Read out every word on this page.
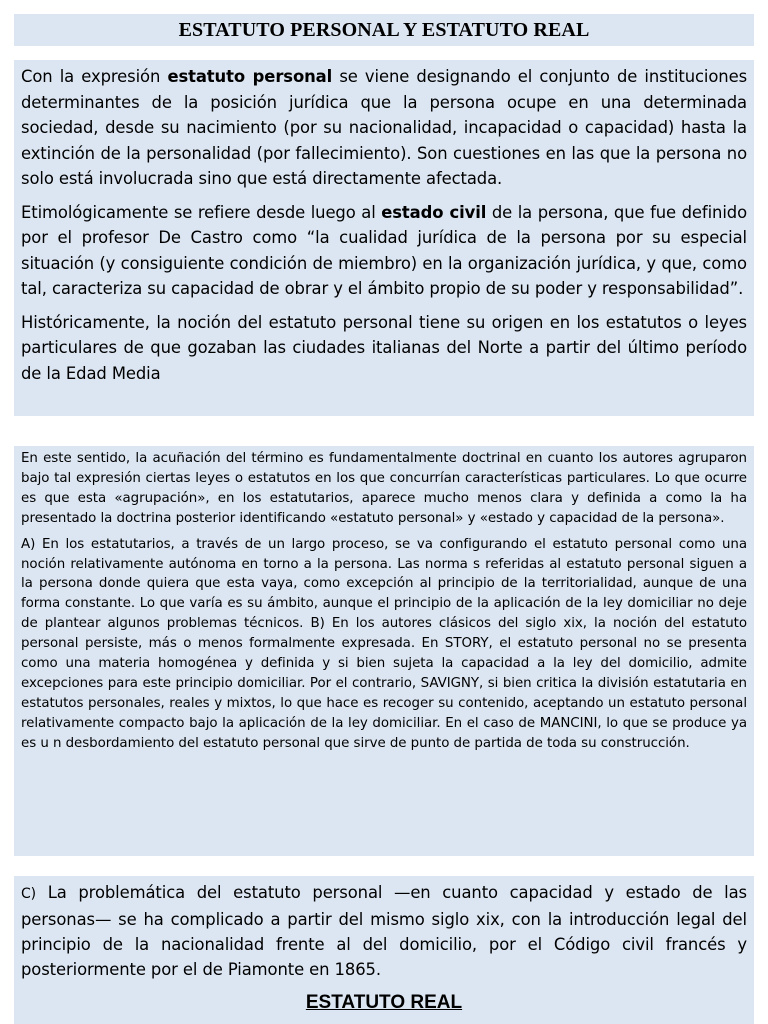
ESTATUTO PERSONAL Y ESTATUTO REAL

Con la expresión estatuto personal se viene designando el conjunto de instituciones determinantes de la posición jurídica que la persona ocupe en una determinada sociedad, desde su nacimiento (por su nacionalidad, incapacidad o capacidad) hasta la extinción de la personalidad (por fallecimiento). Son cuestiones en las que la persona no solo está involucrada sino que está directamente afectada.

Etimológicamente se refiere desde luego al estado civil de la persona, que fue definido por el profesor De Castro como “la cualidad jurídica de la persona por su especial situación (y consiguiente condición de miembro) en la organización jurídica, y que, como tal, caracteriza su capacidad de obrar y el ámbito propio de su poder y responsabilidad”.

Históricamente, la noción del estatuto personal tiene su origen en los estatutos o leyes particulares de que gozaban las ciudades italianas del Norte a partir del último período de la Edad Media

En este sentido, la acuñación del término es fundamentalmente doctrinal en cuanto los autores agruparon bajo tal expresión ciertas leyes o estatutos en los que concurrían características particulares. Lo que ocurre es que esta «agrupación», en los estatutarios, aparece mucho menos clara y definida a como la ha presentado la doctrina posterior identificando «estatuto personal» y «estado y capacidad de la persona».

A) En los estatutarios, a través de un largo proceso, se va configurando el estatuto personal como una noción relativamente autónoma en torno a la persona. Las norma s referidas al estatuto personal siguen a la persona donde quiera que esta vaya, como excepción al principio de la territorialidad, aunque de una forma constante. Lo que varía es su ámbito, aunque el principio de la aplicación de la ley domiciliar no deje de plantear algunos problemas técnicos. B) En los autores clásicos del siglo xix, la noción del estatuto personal persiste, más o menos formalmente expresada. En STORY, el estatuto personal no se presenta como una materia homogénea y definida y si bien sujeta la capacidad a la ley del domicilio, admite excepciones para este principio domiciliar. Por el contrario, SAVIGNY, si bien critica la división estatutaria en estatutos personales, reales y mixtos, lo que hace es recoger su contenido, aceptando un estatuto personal relativamente compacto bajo la aplicación de la ley domiciliar. En el caso de MANCINI, lo que se produce ya es u n desbordamiento del estatuto personal que sirve de punto de partida de toda su construcción.

C) La problemática del estatuto personal —en cuanto capacidad y estado de las personas— se ha complicado a partir del mismo siglo xix, con la introducción legal del principio de la nacionalidad frente al del domicilio, por el Código civil francés y posteriormente por el de Piamonte en 1865.

ESTATUTO REAL
